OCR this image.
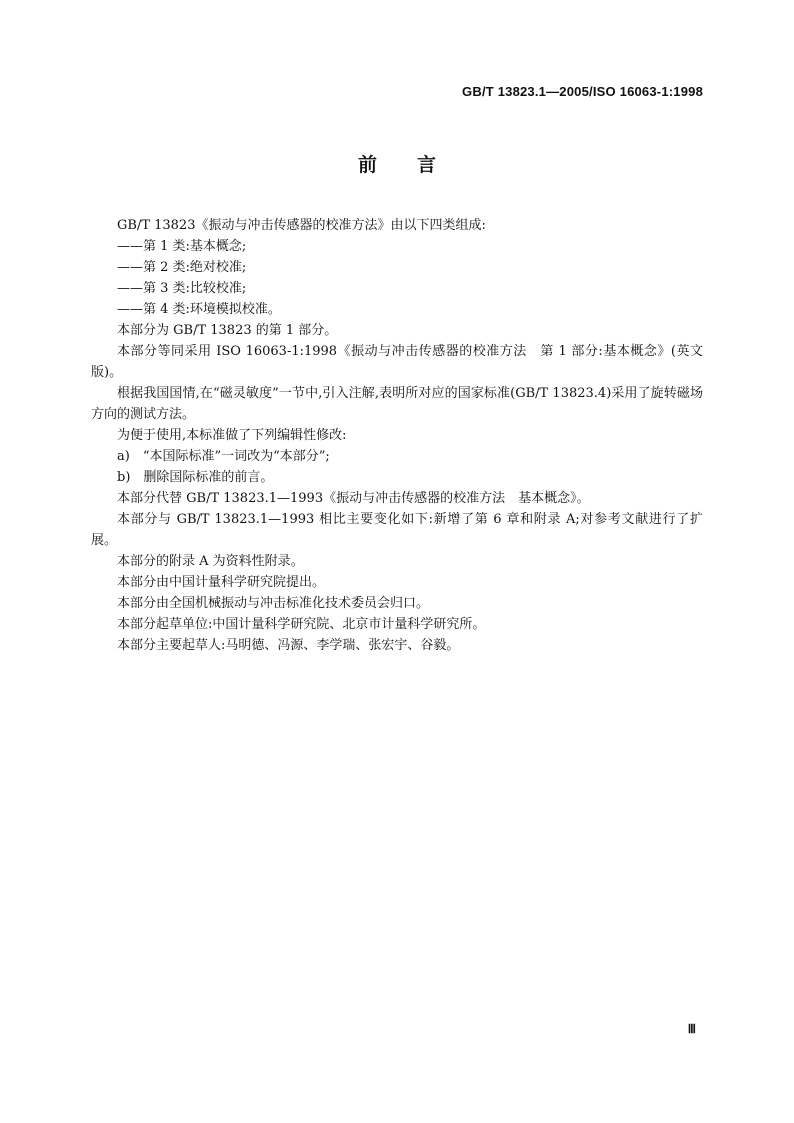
GB/T 13823.1—2005/ISO 16063-1:1998
前言

GB/T 13823《振动与冲击传感器的校准方法》由以下四类组成:

——第 1 类:基本概念;

——第 2 类:绝对校准;

——第 3 类:比较校准;

——第 4 类:环境模拟校准。

本部分为 GB/T 13823 的第 1 部分。

本部分等同采用 ISO 16063-1:1998《振动与冲击传感器的校准方法　第 1 部分:基本概念》(英文版)。

根据我国国情,在“磁灵敏度”一节中,引入注解,表明所对应的国家标准(GB/T 13823.4)采用了旋转磁场方向的测试方法。

为便于使用,本标准做了下列编辑性修改:

a)　“本国际标准”一词改为“本部分”;

b)　删除国际标准的前言。

本部分代替 GB/T 13823.1—1993《振动与冲击传感器的校准方法　基本概念》。

本部分与 GB/T 13823.1—1993 相比主要变化如下:新增了第 6 章和附录 A;对参考文献进行了扩展。

本部分的附录 A 为资料性附录。

本部分由中国计量科学研究院提出。

本部分由全国机械振动与冲击标准化技术委员会归口。

本部分起草单位:中国计量科学研究院、北京市计量科学研究所。

本部分主要起草人:马明德、冯源、李学瑞、张宏宇、谷毅。

Ⅲ
